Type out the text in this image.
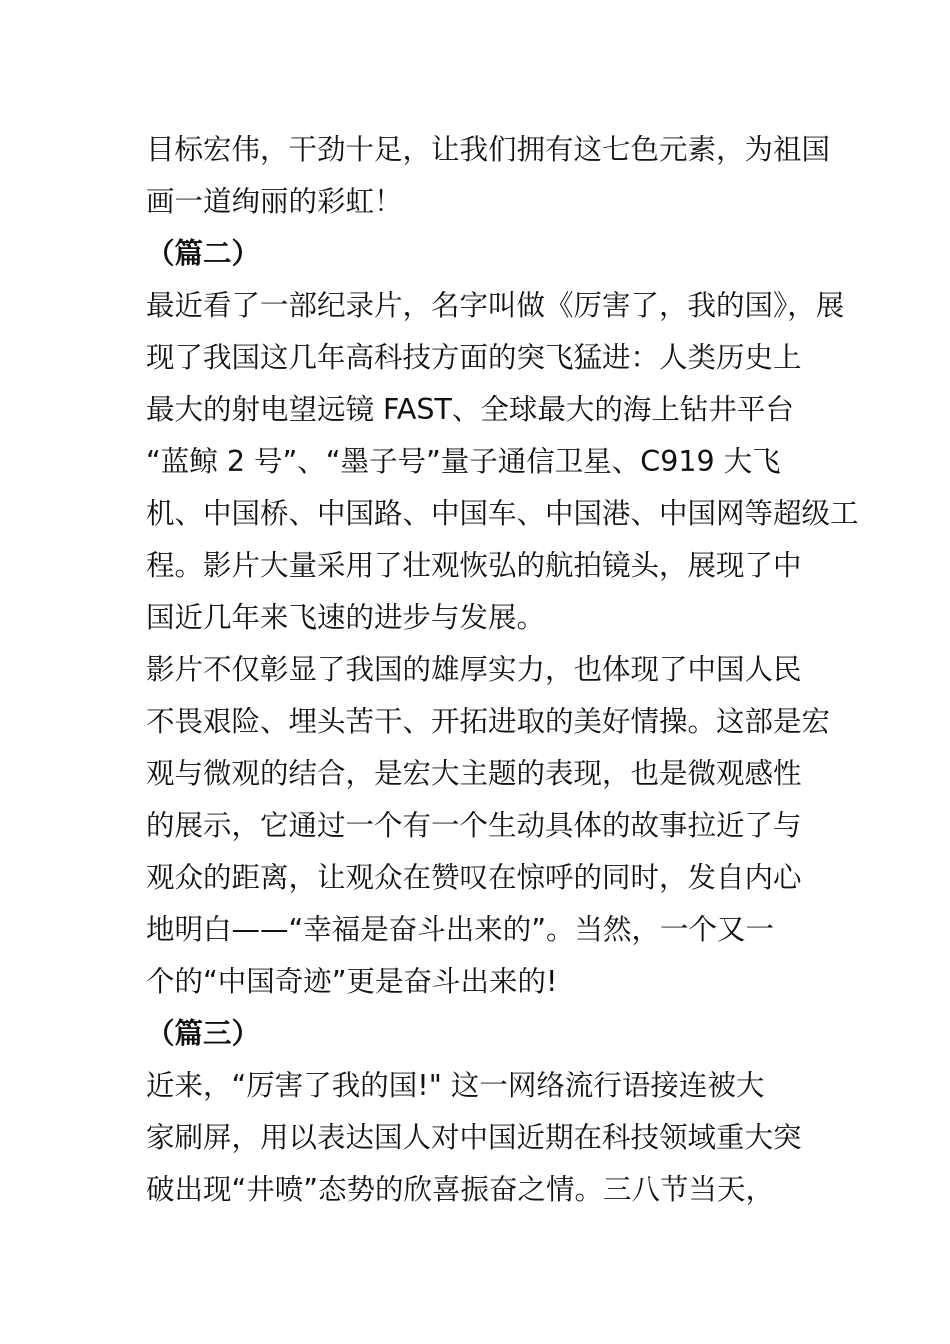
目标宏伟，干劲十足，让我们拥有这七色元素，为祖国
画一道绚丽的彩虹！
（篇二）
最近看了一部纪录片，名字叫做《厉害了，我的国》，展
现了我国这几年高科技方面的突飞猛进：人类历史上
最大的射电望远镜 FAST、全球最大的海上钻井平台
“蓝鲸 2 号”、“墨子号”量子通信卫星、C919 大飞
机、中国桥、中国路、中国车、中国港、中国网等超级工
程。影片大量采用了壮观恢弘的航拍镜头，展现了中
国近几年来飞速的进步与发展。
影片不仅彰显了我国的雄厚实力，也体现了中国人民
不畏艰险、埋头苦干、开拓进取的美好情操。这部是宏
观与微观的结合，是宏大主题的表现，也是微观感性
的展示，它通过一个有一个生动具体的故事拉近了与
观众的距离，让观众在赞叹在惊呼的同时，发自内心
地明白——“幸福是奋斗出来的”。当然，一个又一
个的“中国奇迹”更是奋斗出来的!
（篇三）
近来，“厉害了我的国!" 这一网络流行语接连被大
家刷屏，用以表达国人对中国近期在科技领域重大突
破出现“井喷”态势的欣喜振奋之情。三八节当天，
